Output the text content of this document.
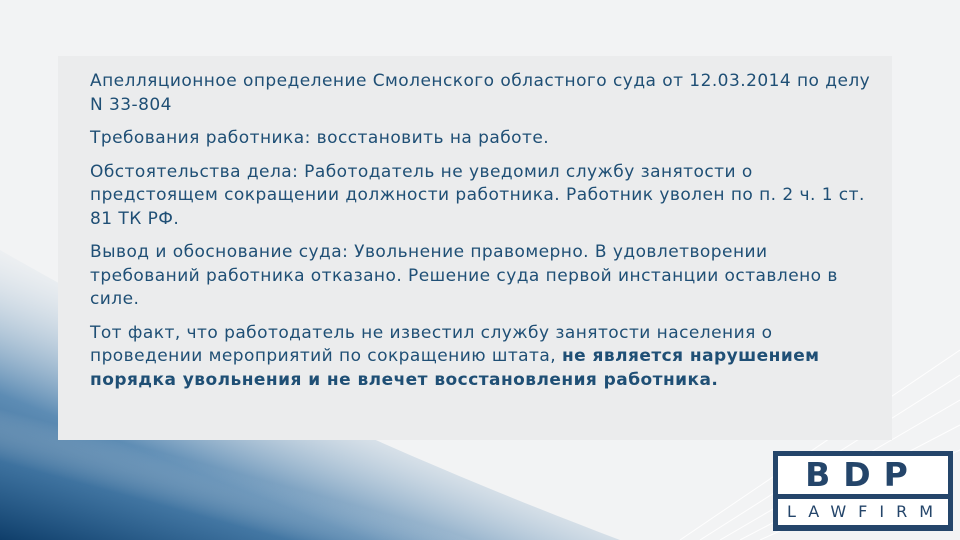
Апелляционное определение Смоленского областного суда от 12.03.2014 по делу N 33-804
Требования работника: восстановить на работе.
Обстоятельства дела: Работодатель не уведомил службу занятости о предстоящем сокращении должности работника. Работник уволен по п. 2 ч. 1 ст. 81 ТК РФ.
Вывод и обоснование суда: Увольнение правомерно. В удовлетворении требований работника отказано. Решение суда первой инстанции оставлено в силе.
Тот факт, что работодатель не известил службу занятости населения о проведении мероприятий по сокращению штата, не является нарушением порядка увольнения и не влечет восстановления работника.
BDP
LAWFIRM
